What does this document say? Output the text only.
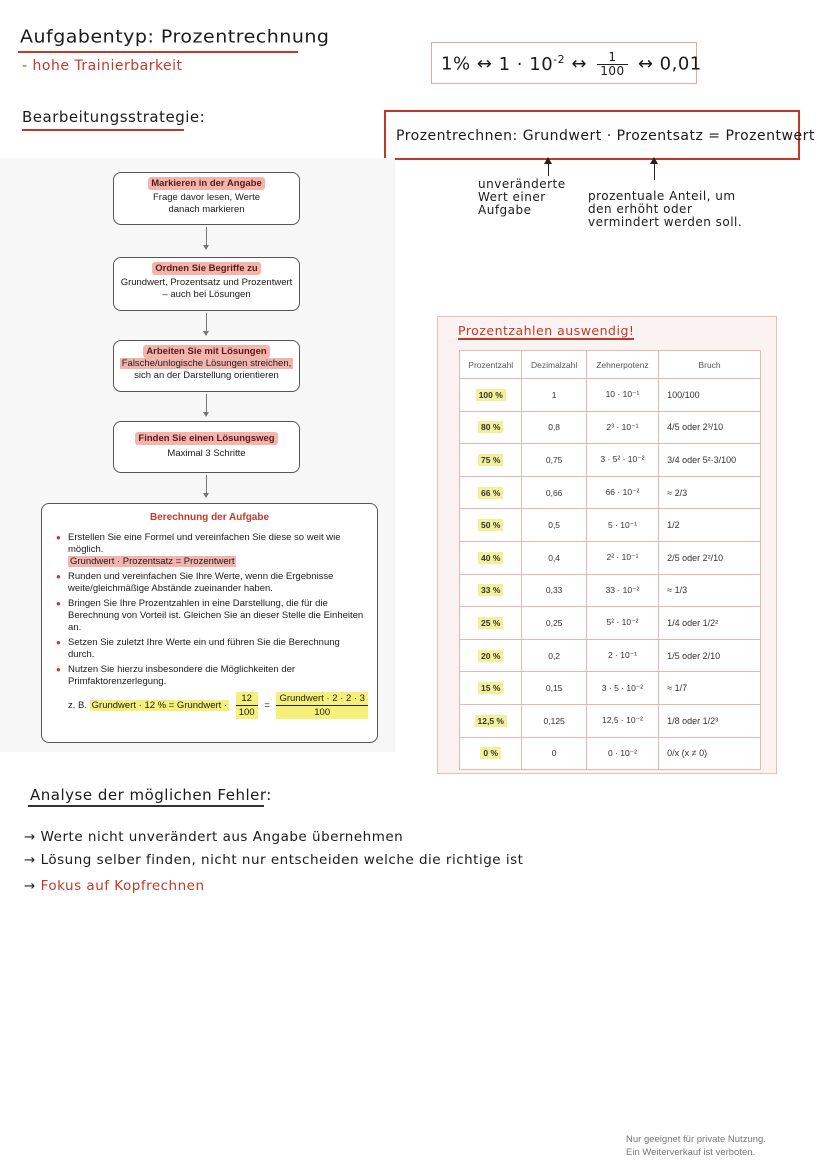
Aufgabentyp: Prozentrechnung
- hohe Trainierbarkeit	1% ↔ $1 \cdot 10^{-2}$ ↔ $\frac{1}{100}$ ↔ 0,01
Bearbeitungsstrategie:
Prozentrechnen: Grundwert · Prozentsatz = Prozentwert
unveränderte Wert einer Aufgabe
prozentuale Anteil, um den erhöht oder vermindert werden soll.
Markieren in der Angabe
Frage davor lesen, Werte danach markieren
Ordnen Sie Begriffe zu
Grundwert, Prozentsatz und Prozentwert – auch bei Lösungen
Arbeiten Sie mit Lösungen
Falsche/unlogische Lösungen streichen,
sich an der Darstellung orientieren
Finden Sie einen Lösungsweg
Maximal 3 Schritte
Berechnung der Aufgabe
● Erstellen Sie eine Formel und vereinfachen Sie diese so weit wie möglich.
Grundwert · Prozentsatz = Prozentwert
● Runden und vereinfachen Sie Ihre Werte, wenn die Ergebnisse weite/gleichmäßige Abstände zueinander haben.
● Bringen Sie Ihre Prozentzahlen in eine Darstellung, die für die Berechnung von Vorteil ist. Gleichen Sie an dieser Stelle die Einheiten an.
● Setzen Sie zuletzt Ihre Werte ein und führen Sie die Berechnung durch.
● Nutzen Sie hierzu insbesondere die Möglichkeiten der Primfaktorenzerlegung.
z. B. Grundwert · 12 % = Grundwert · $\frac{12}{100} = \frac{\text{Grundwert · 2 · 2 · 3}}{100}$
Prozentzahlen auswendig!
Prozentzahl	Dezimalzahl	Zehnerpotenz	Bruch
100 %	1	10 · 10⁻¹	100/100
80 %	0,8	2³ · 10⁻¹	4/5 oder 2³/10
75 %	0,75	3 · 5² · 10⁻²	3/4 oder 5²·3/100
66 %	0,66	66 · 10⁻²	≈ 2/3
50 %	0,5	5 · 10⁻¹	1/2
40 %	0,4	2² · 10⁻¹	2/5 oder 2²/10
33 %	0,33	33 · 10⁻²	≈ 1/3
25 %	0,25	5² · 10⁻²	1/4 oder 1/2²
20 %	0,2	2 · 10⁻¹	1/5 oder 2/10
15 %	0,15	3 · 5 · 10⁻²	≈ 1/7
12,5 %	0,125	12,5 · 10⁻²	1/8 oder 1/2³
0 %	0	0 · 10⁻²	0/x (x ≠ 0)
Analyse der möglichen Fehler:
→ Werte nicht unverändert aus Angabe übernehmen
→ Lösung selber finden, nicht nur entscheiden welche die richtige ist
→ Fokus auf Kopfrechnen
Nur geeignet für private Nutzung.
Ein Weiterverkauf ist verboten.
